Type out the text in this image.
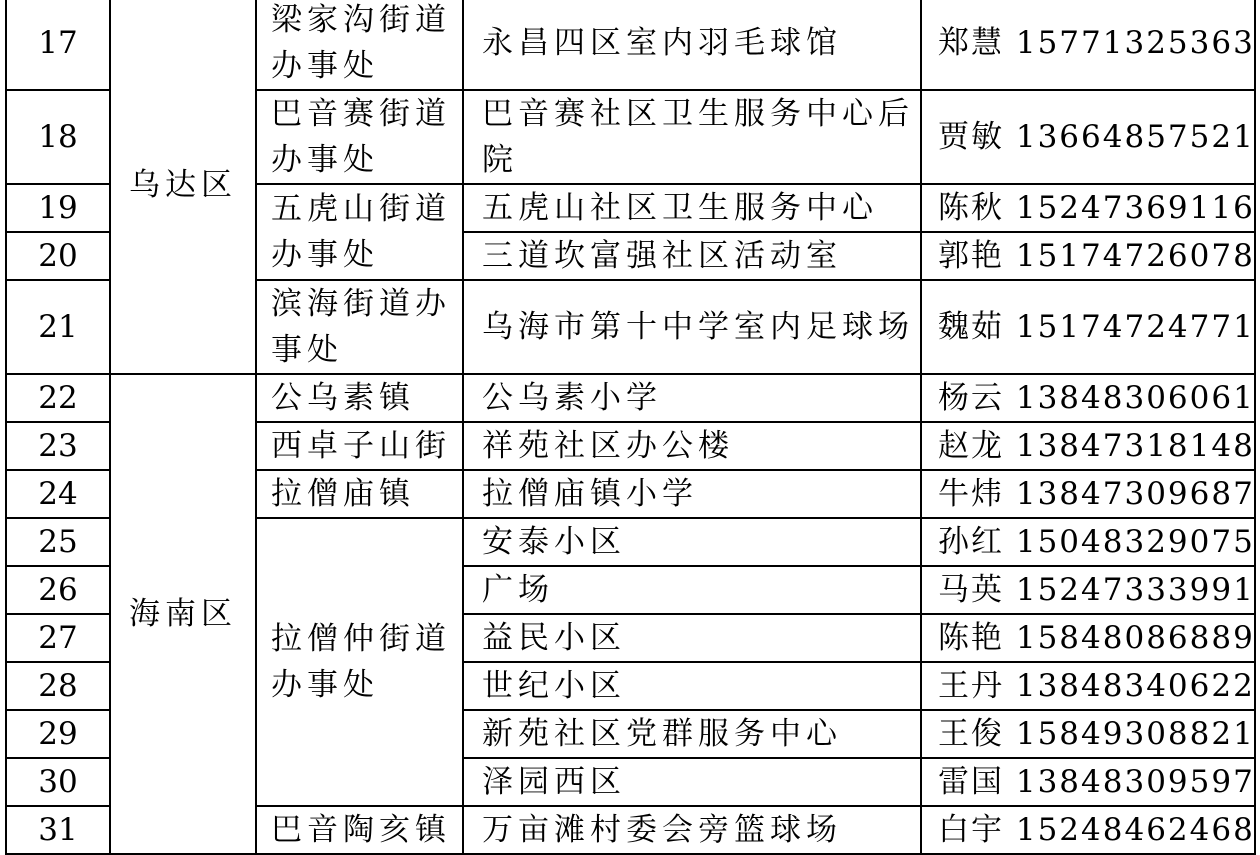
17	乌达区	梁家沟街道办事处	永昌四区室内羽毛球馆	郑慧 15771325363
18		巴音赛街道办事处	巴音赛社区卫生服务中心后院	贾敏 13664857521
19		五虎山街道办事处	五虎山社区卫生服务中心	陈秋 15247369116
20			三道坎富强社区活动室	郭艳 15174726078
21		滨海街道办事处	乌海市第十中学室内足球场	魏茹 15174724771
22	海南区	公乌素镇	公乌素小学	杨云 13848306061
23		西卓子山街	祥苑社区办公楼	赵龙 13847318148
24		拉僧庙镇	拉僧庙镇小学	牛炜 13847309687
25		拉僧仲街道办事处	安泰小区	孙红 15048329075
26			广场	马英 15247333991
27			益民小区	陈艳 15848086889
28			世纪小区	王丹 13848340622
29			新苑社区党群服务中心	王俊 15849308821
30			泽园西区	雷国 13848309597
31		巴音陶亥镇	万亩滩村委会旁篮球场	白宇 15248462468
